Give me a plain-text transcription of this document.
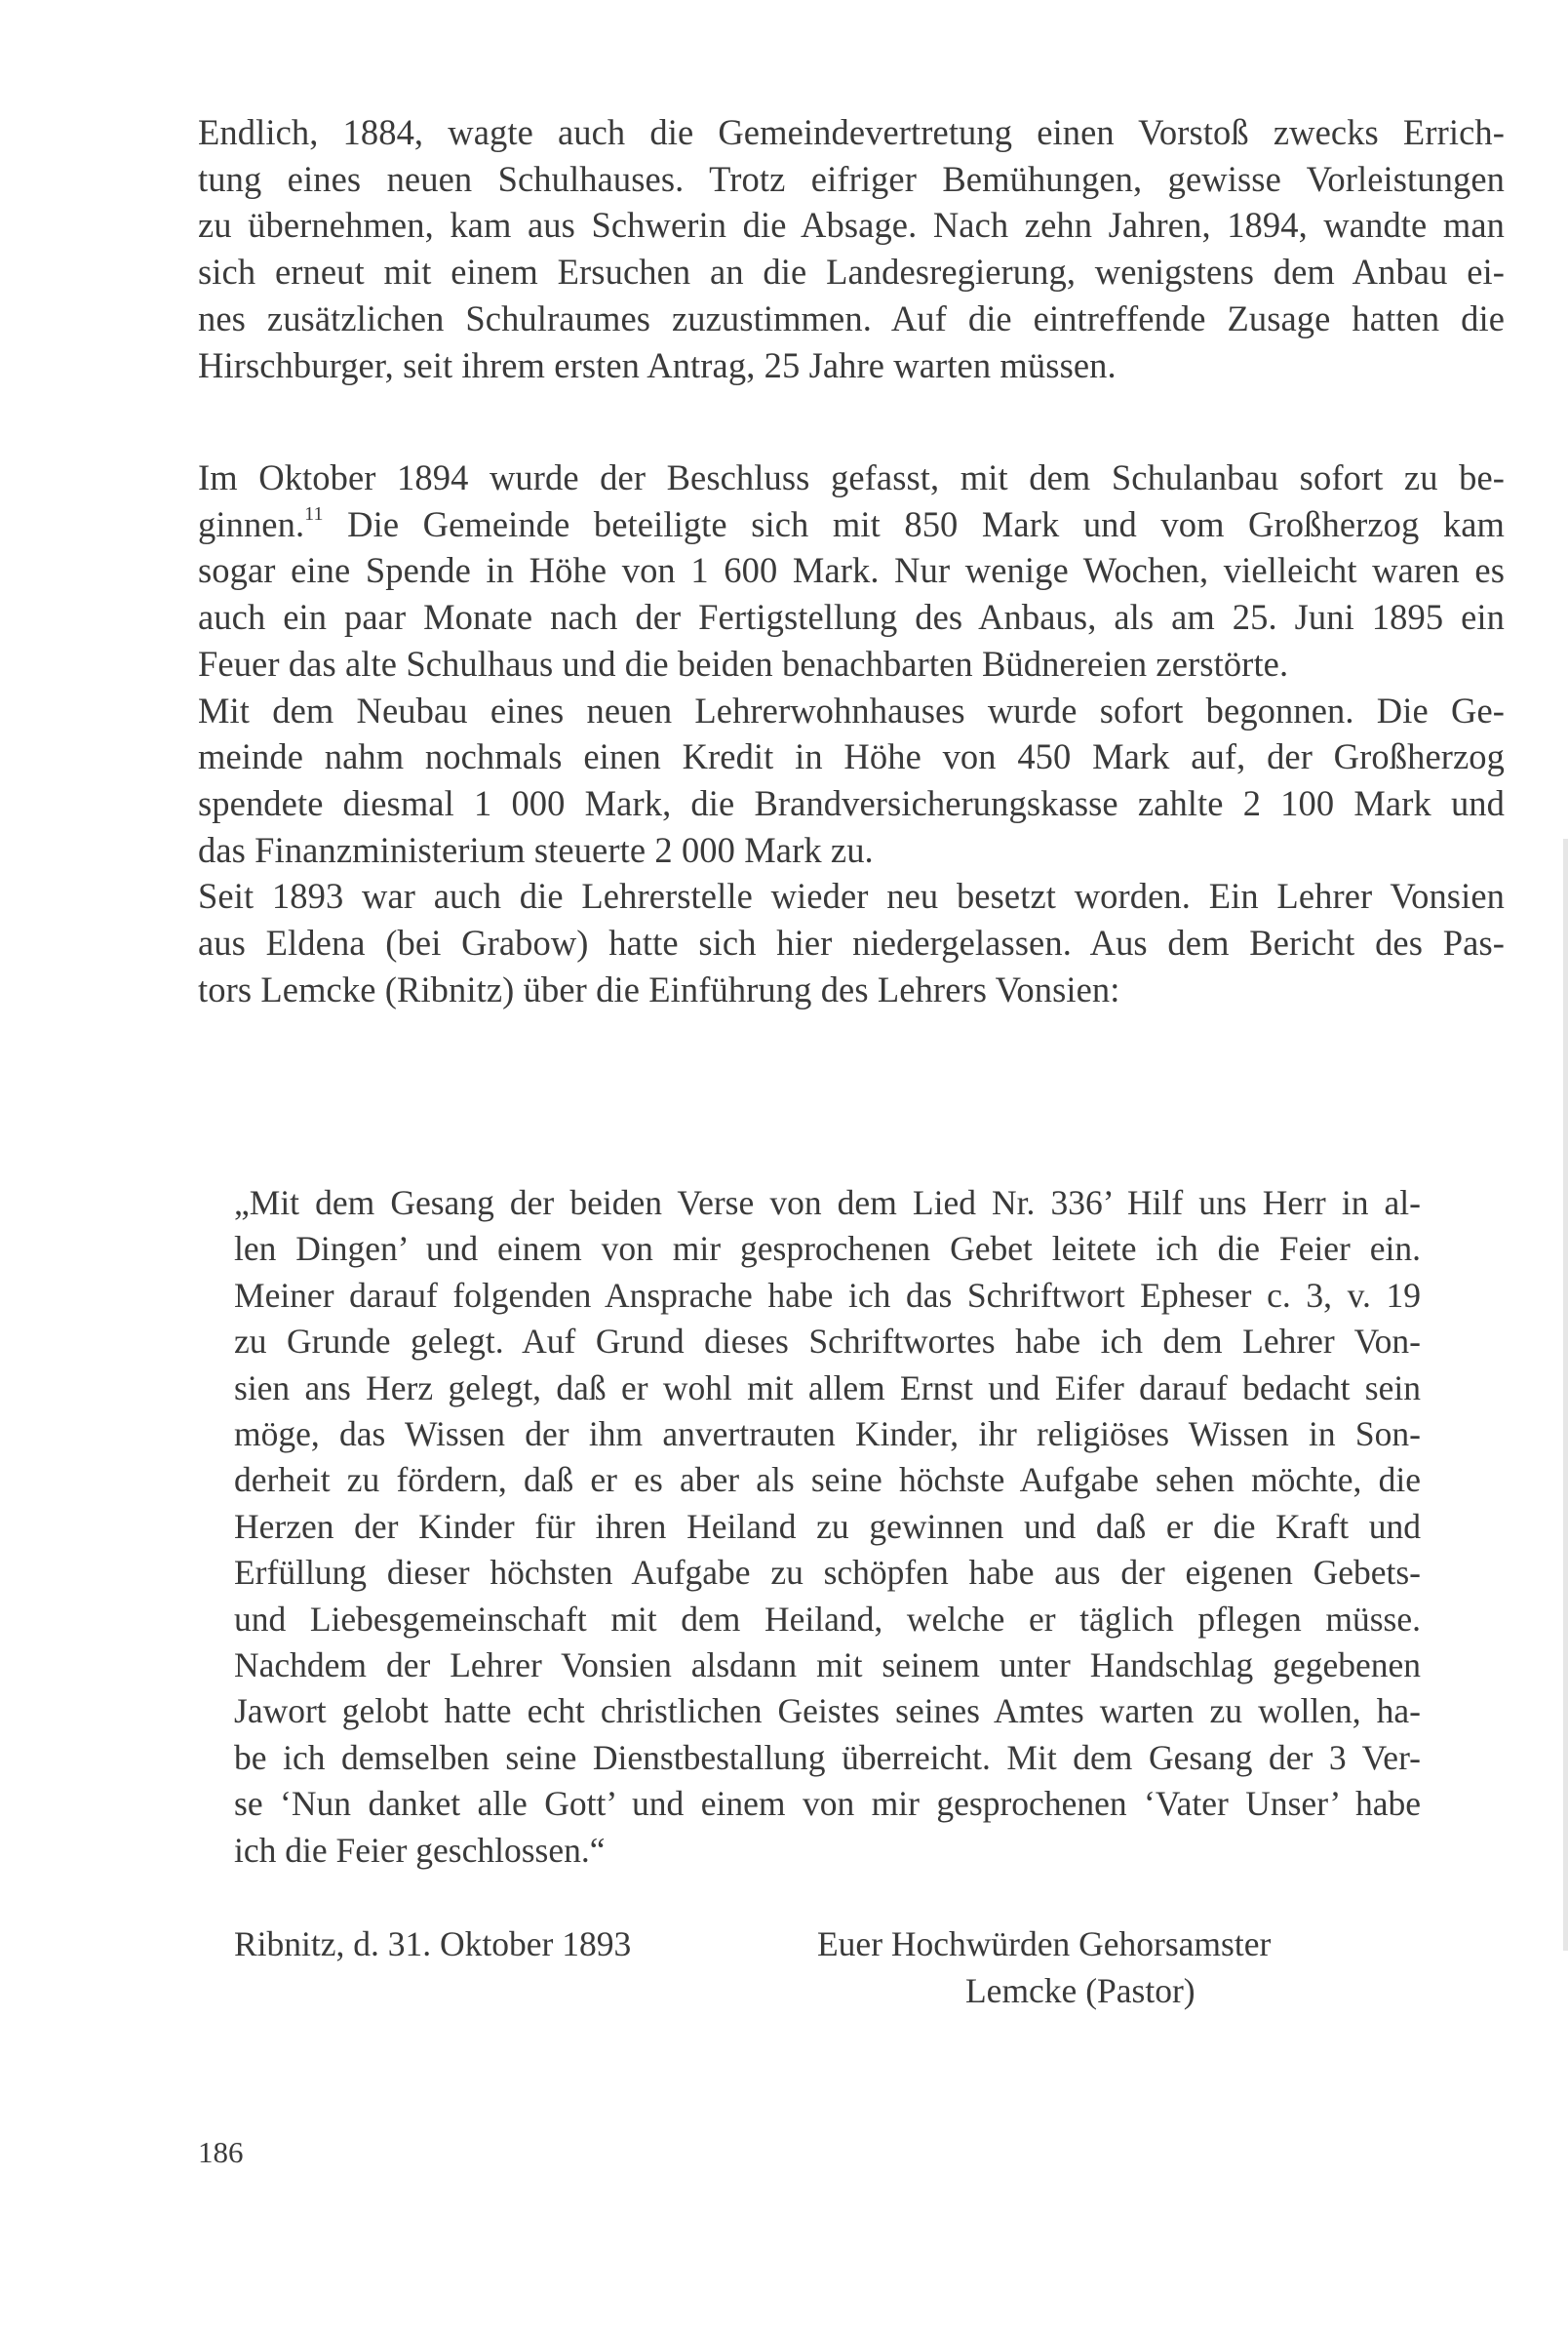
Endlich, 1884, wagte auch die Gemeindevertretung einen Vorstoß zwecks Errich-
tung eines neuen Schulhauses. Trotz eifriger Bemühungen, gewisse Vorleistungen
zu übernehmen, kam aus Schwerin die Absage. Nach zehn Jahren, 1894, wandte man
sich erneut mit einem Ersuchen an die Landesregierung, wenigstens dem Anbau ei-
nes zusätzlichen Schulraumes zuzustimmen. Auf die eintreffende Zusage hatten die
Hirschburger, seit ihrem ersten Antrag, 25 Jahre warten müssen.
Im Oktober 1894 wurde der Beschluss gefasst, mit dem Schulanbau sofort zu be-
ginnen.$^{11}$ Die Gemeinde beteiligte sich mit 850 Mark und vom Großherzog kam
sogar eine Spende in Höhe von 1 600 Mark. Nur wenige Wochen, vielleicht waren es
auch ein paar Monate nach der Fertigstellung des Anbaus, als am 25. Juni 1895 ein
Feuer das alte Schulhaus und die beiden benachbarten Büdnereien zerstörte.
Mit dem Neubau eines neuen Lehrerwohnhauses wurde sofort begonnen. Die Ge-
meinde nahm nochmals einen Kredit in Höhe von 450 Mark auf, der Großherzog
spendete diesmal 1 000 Mark, die Brandversicherungskasse zahlte 2 100 Mark und
das Finanzministerium steuerte 2 000 Mark zu.
Seit 1893 war auch die Lehrerstelle wieder neu besetzt worden. Ein Lehrer Vonsien
aus Eldena (bei Grabow) hatte sich hier niedergelassen. Aus dem Bericht des Pas-
tors Lemcke (Ribnitz) über die Einführung des Lehrers Vonsien:
„Mit dem Gesang der beiden Verse von dem Lied Nr. 336’ Hilf uns Herr in al-
len Dingen’ und einem von mir gesprochenen Gebet leitete ich die Feier ein.
Meiner darauf folgenden Ansprache habe ich das Schriftwort Epheser c. 3, v. 19
zu Grunde gelegt. Auf Grund dieses Schriftwortes habe ich dem Lehrer Von-
sien ans Herz gelegt, daß er wohl mit allem Ernst und Eifer darauf bedacht sein
möge, das Wissen der ihm anvertrauten Kinder, ihr religiöses Wissen in Son-
derheit zu fördern, daß er es aber als seine höchste Aufgabe sehen möchte, die
Herzen der Kinder für ihren Heiland zu gewinnen und daß er die Kraft und
Erfüllung dieser höchsten Aufgabe zu schöpfen habe aus der eigenen Gebets-
und Liebesgemeinschaft mit dem Heiland, welche er täglich pflegen müsse.
Nachdem der Lehrer Vonsien alsdann mit seinem unter Handschlag gegebenen
Jawort gelobt hatte echt christlichen Geistes seines Amtes warten zu wollen, ha-
be ich demselben seine Dienstbestallung überreicht. Mit dem Gesang der 3 Ver-
se ‘Nun danket alle Gott’ und einem von mir gesprochenen ‘Vater Unser’ habe
ich die Feier geschlossen.“
Ribnitz, d. 31. Oktober 1893	Euer Hochwürden Gehorsamster
Lemcke (Pastor)
186
